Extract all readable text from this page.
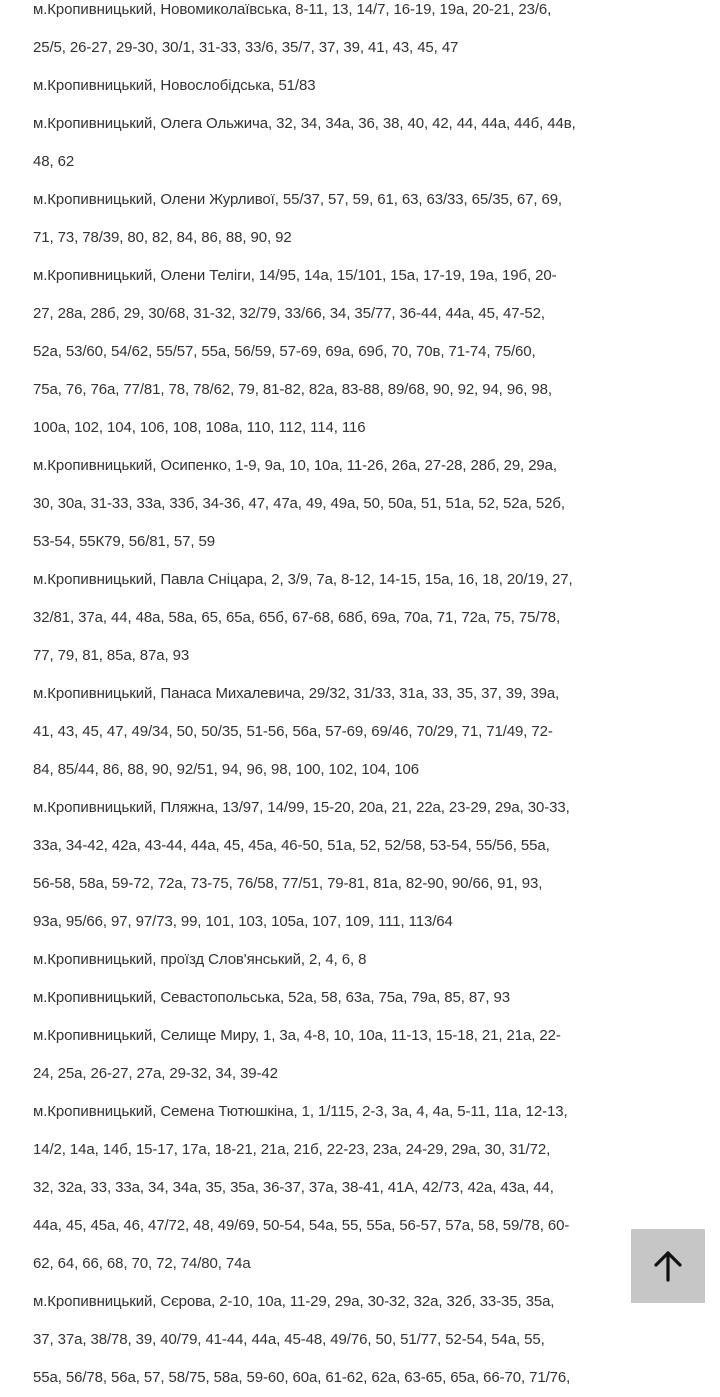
м.Кропивницький, Новомиколаївська, 8-11, 13, 14/7, 16-19, 19а, 20-21, 23/6,
25/5, 26-27, 29-30, 30/1, 31-33, 33/6, 35/7, 37, 39, 41, 43, 45, 47

м.Кропивницький, Новослобідська, 51/83

м.Кропивницький, Олега Ольжича, 32, 34, 34а, 36, 38, 40, 42, 44, 44а, 44б, 44в,
48, 62

м.Кропивницький, Олени Журливої, 55/37, 57, 59, 61, 63, 63/33, 65/35, 67, 69,
71, 73, 78/39, 80, 82, 84, 86, 88, 90, 92

м.Кропивницький, Олени Теліги, 14/95, 14а, 15/101, 15а, 17-19, 19а, 19б, 20-
27, 28а, 28б, 29, 30/68, 31-32, 32/79, 33/66, 34, 35/77, 36-44, 44а, 45, 47-52,
52а, 53/60, 54/62, 55/57, 55а, 56/59, 57-69, 69а, 69б, 70, 70в, 71-74, 75/60,
75а, 76, 76а, 77/81, 78, 78/62, 79, 81-82, 82а, 83-88, 89/68, 90, 92, 94, 96, 98,
100а, 102, 104, 106, 108, 108а, 110, 112, 114, 116

м.Кропивницький, Осипенко, 1-9, 9а, 10, 10а, 11-26, 26а, 27-28, 28б, 29, 29а,
30, 30а, 31-33, 33а, 33б, 34-36, 47, 47а, 49, 49а, 50, 50а, 51, 51а, 52, 52а, 52б,
53-54, 55К79, 56/81, 57, 59

м.Кропивницький, Павла Сніцара, 2, 3/9, 7а, 8-12, 14-15, 15а, 16, 18, 20/19, 27,
32/81, 37а, 44, 48а, 58а, 65, 65а, 65б, 67-68, 68б, 69а, 70а, 71, 72а, 75, 75/78,
77, 79, 81, 85а, 87а, 93

м.Кропивницький, Панаса Михалевича, 29/32, 31/33, 31а, 33, 35, 37, 39, 39а,
41, 43, 45, 47, 49/34, 50, 50/35, 51-56, 56а, 57-69, 69/46, 70/29, 71, 71/49, 72-
84, 85/44, 86, 88, 90, 92/51, 94, 96, 98, 100, 102, 104, 106

м.Кропивницький, Пляжна, 13/97, 14/99, 15-20, 20а, 21, 22а, 23-29, 29а, 30-33,
33а, 34-42, 42а, 43-44, 44а, 45, 45а, 46-50, 51а, 52, 52/58, 53-54, 55/56, 55а,
56-58, 58а, 59-72, 72а, 73-75, 76/58, 77/51, 79-81, 81а, 82-90, 90/66, 91, 93,
93а, 95/66, 97, 97/73, 99, 101, 103, 105а, 107, 109, 111, 113/64

м.Кропивницький, проїзд Слов'янський, 2, 4, 6, 8

м.Кропивницький, Севастопольська, 52а, 58, 63а, 75а, 79а, 85, 87, 93

м.Кропивницький, Селище Миру, 1, 3а, 4-8, 10, 10а, 11-13, 15-18, 21, 21а, 22-
24, 25а, 26-27, 27а, 29-32, 34, 39-42

м.Кропивницький, Семена Тютюшкіна, 1, 1/115, 2-3, 3а, 4, 4а, 5-11, 11а, 12-13,
14/2, 14а, 14б, 15-17, 17а, 18-21, 21а, 21б, 22-23, 23а, 24-29, 29а, 30, 31/72,
32, 32а, 33, 33а, 34, 34а, 35, 35а, 36-37, 37а, 38-41, 41А, 42/73, 42а, 43а, 44,
44а, 45, 45а, 46, 47/72, 48, 49/69, 50-54, 54а, 55, 55а, 56-57, 57а, 58, 59/78, 60-
62, 64, 66, 68, 70, 72, 74/80, 74а

м.Кропивницький, Сєрова, 2-10, 10а, 11-29, 29а, 30-32, 32а, 32б, 33-35, 35а,
37, 37а, 38/78, 39, 40/79, 41-44, 44а, 45-48, 49/76, 50, 51/77, 52-54, 54а, 55,
55а, 56/78, 56а, 57, 58/75, 58а, 59-60, 60а, 61-62, 62а, 63-65, 65а, 66-70, 71/76,
